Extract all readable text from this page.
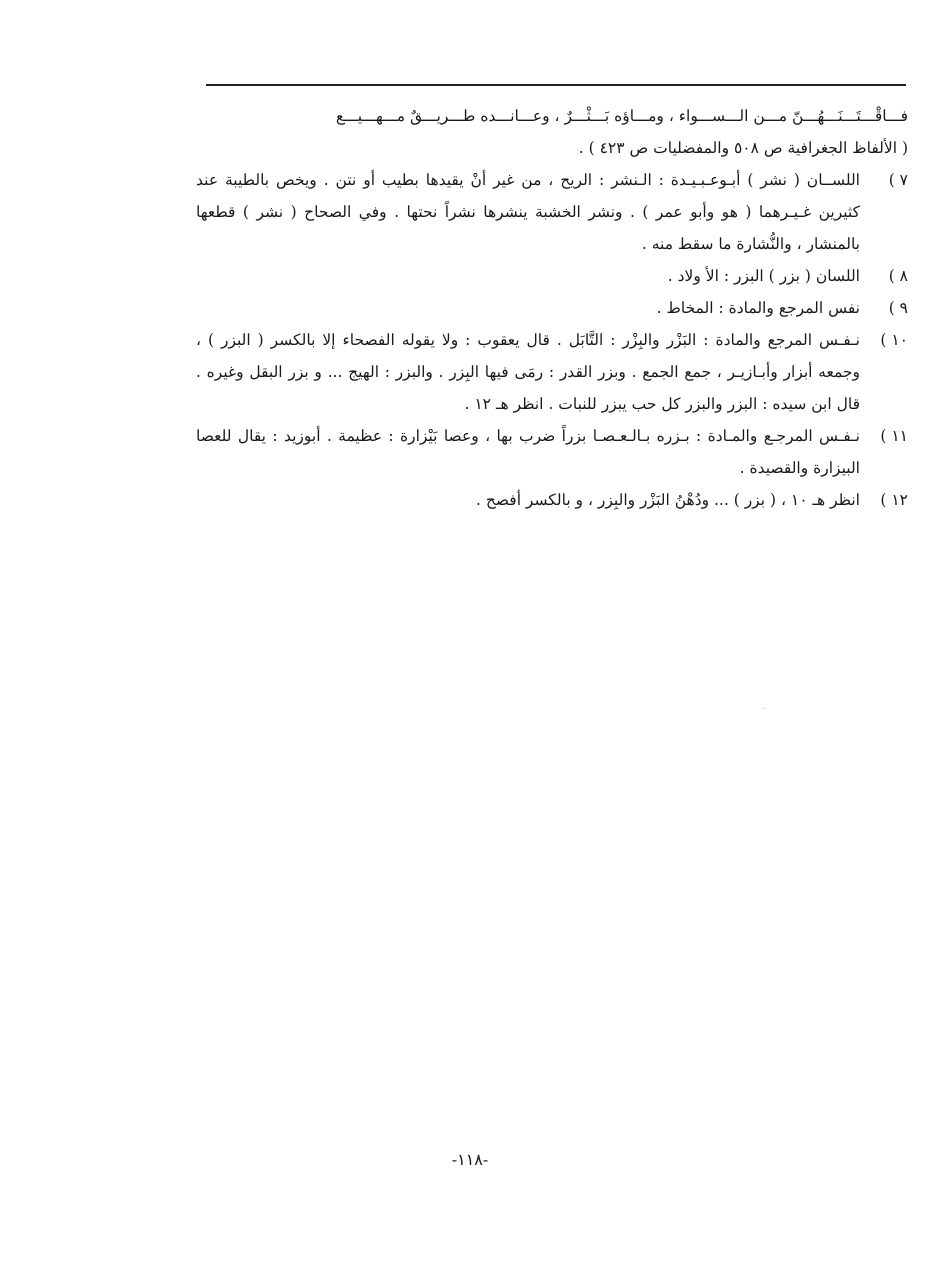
فـــاقْـــتَـــنَـــهُـــنّ مـــن الـــســـواء ، ومـــاؤه بَـــثْـــرٌ ، وعـــانـــده طـــريـــقٌ مـــهـــيـــع
( الألفاظ الجغرافية ص ٥٠٨ والمفضليات ص ٤٢٣ ) .
٧ )
اللســان ( نشر ) أبـوعـبـيـدة : الـنشر : الريح ، من غير أنْ يقيدها بطيب أو نتن . ويخص بالطيبة عند كثيرين غـيـرهما ( هو وأبو عمر ) . ونشر الخشبة ينشرها نشراً نحتها . وفي الصحاح ( نشر ) قطعها بالمنشار ، والنُّشارة ما سقط منه .
٨ )
اللسان ( بزر ) البزر : الأ ولاد .
٩ )
نفس المرجع والمادة : المخاط .
١٠ )
نـفـس المرجع والمادة : البَزْر والبِزْر : التَّابَل . قال يعقوب : ولا يقوله الفصحاء إلا بالكسر ( البزر ) ، وجمعه أبزار وأبـازيـر ، جمع الجمع . وبزر القدر : رمَى فيها البِزر . والبزر : الهيج ... و بزر البقل وغيره . قال ابن سيده : البزر والبزر كل حب يبزر للنبات . انظر هـ ١٢ .
١١ )
نـفـس المرجـع والمـادة : بـزره بـالـعـصـا بزراً ضرب بها ، وعصا بَيْزارة : عظيمة . أبوزيد : يقال للعصا البيزارة والقصيدة .
١٢ )
انظر هـ ١٠ ، ( بزر ) ... ودُهْنُ البَزْر والبِزر ، و بالكسر أفصح .
-١١٨-
